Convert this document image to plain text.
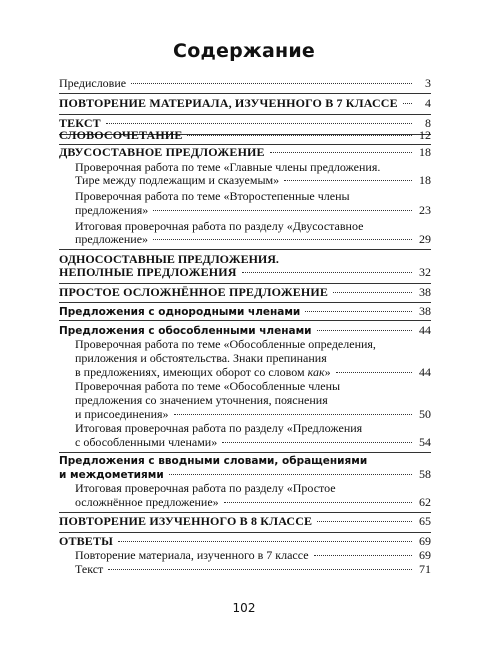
Содержание
Предисловие	3
ПОВТОРЕНИЕ МАТЕРИАЛА, ИЗУЧЕННОГО В 7 КЛАССЕ	4
ТЕКСТ	8
СЛОВОСОЧЕТАНИЕ	12
ДВУСОСТАВНОЕ ПРЕДЛОЖЕНИЕ	18
Проверочная работа по теме «Главные члены предложения.
Тире между подлежащим и сказуемым»	18
Проверочная работа по теме «Второстепенные члены
предложения»	23
Итоговая проверочная работа по разделу «Двусоставное
предложение»	29
ОДНОСОСТАВНЫЕ ПРЕДЛОЖЕНИЯ.
НЕПОЛНЫЕ ПРЕДЛОЖЕНИЯ	32
ПРОСТОЕ ОСЛОЖНЁННОЕ ПРЕДЛОЖЕНИЕ	38
Предложения с однородными членами	38
Предложения с обособленными членами	44
Проверочная работа по теме «Обособленные определения,
приложения и обстоятельства. Знаки препинания
в предложениях, имеющих оборот со словом как»	44
Проверочная работа по теме «Обособленные члены
предложения со значением уточнения, пояснения
и присоединения»	50
Итоговая проверочная работа по разделу «Предложения
с обособленными членами»	54
Предложения с вводными словами, обращениями
и междометиями	58
Итоговая проверочная работа по разделу «Простое
осложнённое предложение»	62
ПОВТОРЕНИЕ ИЗУЧЕННОГО В 8 КЛАССЕ	65
ОТВЕТЫ	69
Повторение материала, изученного в 7 классе	69
Текст	71
102
